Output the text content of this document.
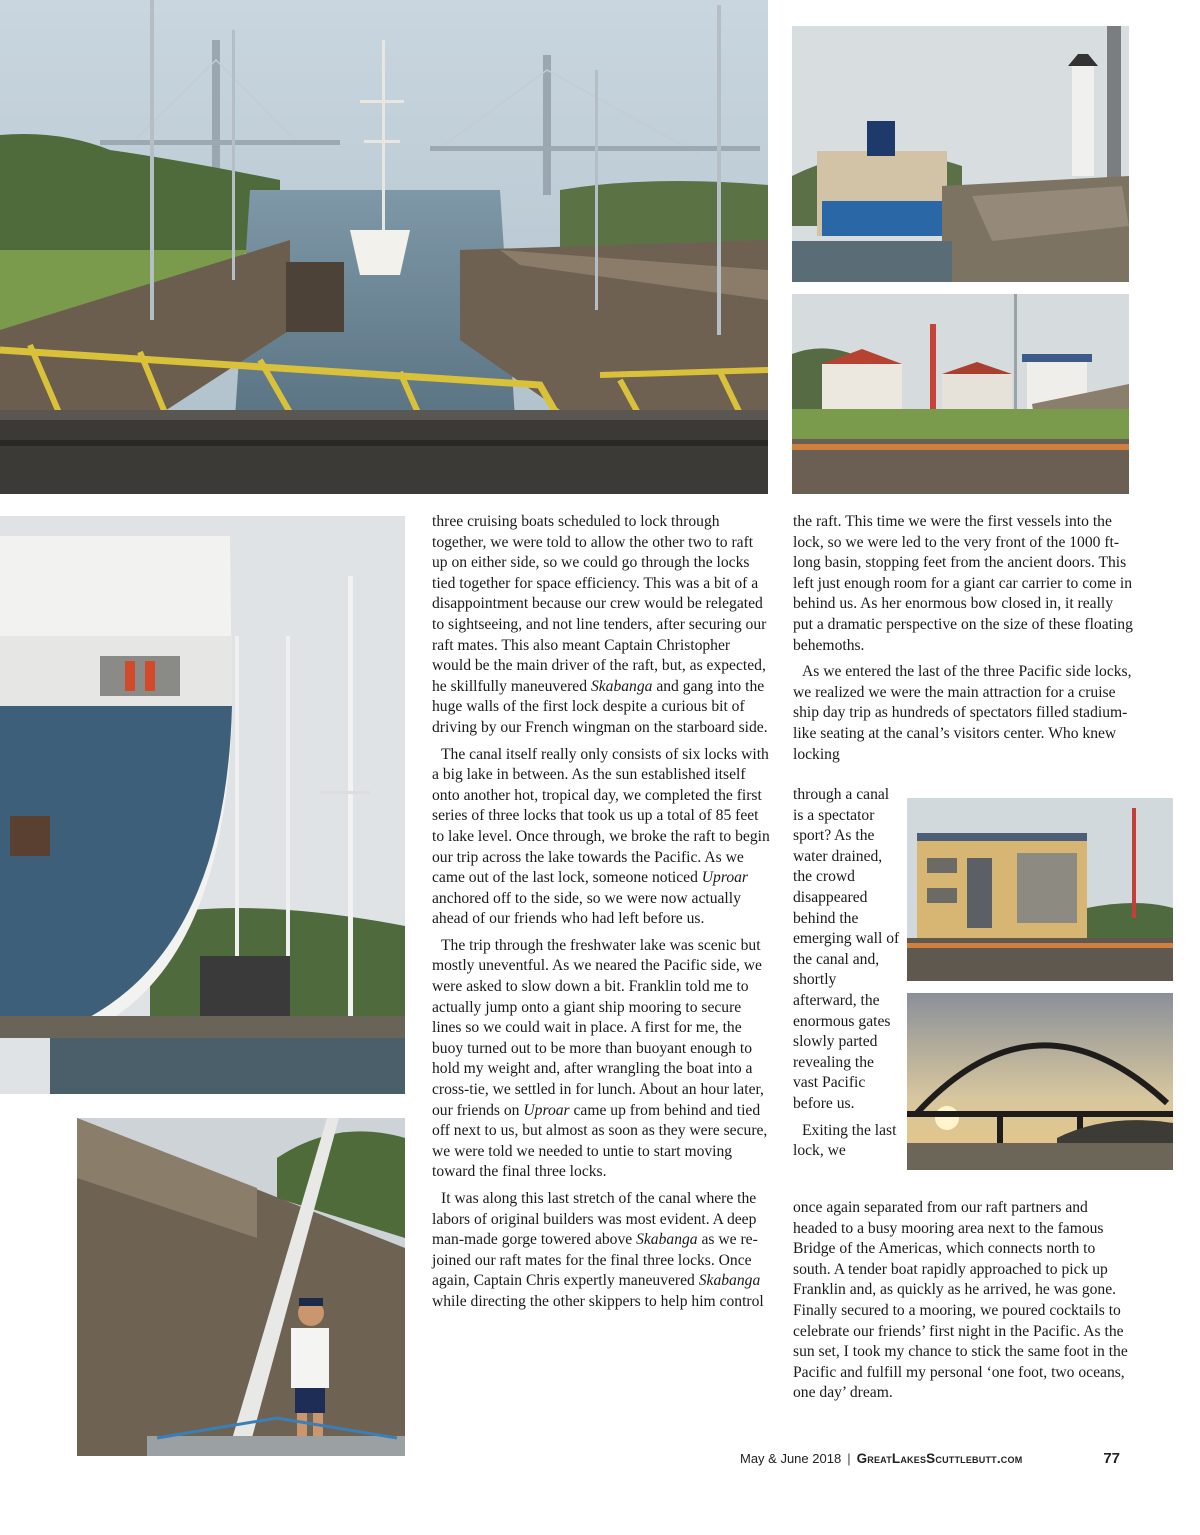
three cruising boats scheduled to lock through together, we were told to allow the other two to raft up on either side, so we could go through the locks tied together for space efficiency. This was a bit of a disappointment because our crew would be relegated to sightseeing, and not line tenders, after securing our raft mates. This also meant Captain Christopher would be the main driver of the raft, but, as expected, he skillfully maneuvered Skabanga and gang into the huge walls of the first lock despite a curious bit of driving by our French wingman on the starboard side.

The canal itself really only consists of six locks with a big lake in between. As the sun established itself onto another hot, tropical day, we completed the first series of three locks that took us up a total of 85 feet to lake level. Once through, we broke the raft to begin our trip across the lake towards the Pacific. As we came out of the last lock, someone noticed Uproar anchored off to the side, so we were now actually ahead of our friends who had left before us.

The trip through the freshwater lake was scenic but mostly uneventful. As we neared the Pacific side, we were asked to slow down a bit. Franklin told me to actually jump onto a giant ship mooring to secure lines so we could wait in place. A first for me, the buoy turned out to be more than buoyant enough to hold my weight and, after wrangling the boat into a cross-tie, we settled in for lunch. About an hour later, our friends on Uproar came up from behind and tied off next to us, but almost as soon as they were secure, we were told we needed to untie to start moving toward the final three locks.

It was along this last stretch of the canal where the labors of original builders was most evident. A deep man-made gorge towered above Skabanga as we re-joined our raft mates for the final three locks. Once again, Captain Chris expertly maneuvered Skabanga while directing the other skippers to help him control

the raft. This time we were the first vessels into the lock, so we were led to the very front of the 1000 ft-long basin, stopping feet from the ancient doors. This left just enough room for a giant car carrier to come in behind us. As her enormous bow closed in, it really put a dramatic perspective on the size of these floating behemoths.

As we entered the last of the three Pacific side locks, we realized we were the main attraction for a cruise ship day trip as hundreds of spectators filled stadium-like seating at the canal’s visitors center. Who knew locking

through a canal is a spectator sport? As the water drained, the crowd disappeared behind the emerging wall of the canal and, shortly afterward, the enormous gates slowly parted revealing the vast Pacific before us.

Exiting the last lock, we

once again separated from our raft partners and headed to a busy mooring area next to the famous Bridge of the Americas, which connects north to south. A tender boat rapidly approached to pick up Franklin and, as quickly as he arrived, he was gone. Finally secured to a mooring, we poured cocktails to celebrate our friends’ first night in the Pacific. As the sun set, I took my chance to stick the same foot in the Pacific and fulfill my personal ‘one foot, two oceans, one day’ dream.

May & June 2018 | GreatLakesScuttlebutt.com	77
